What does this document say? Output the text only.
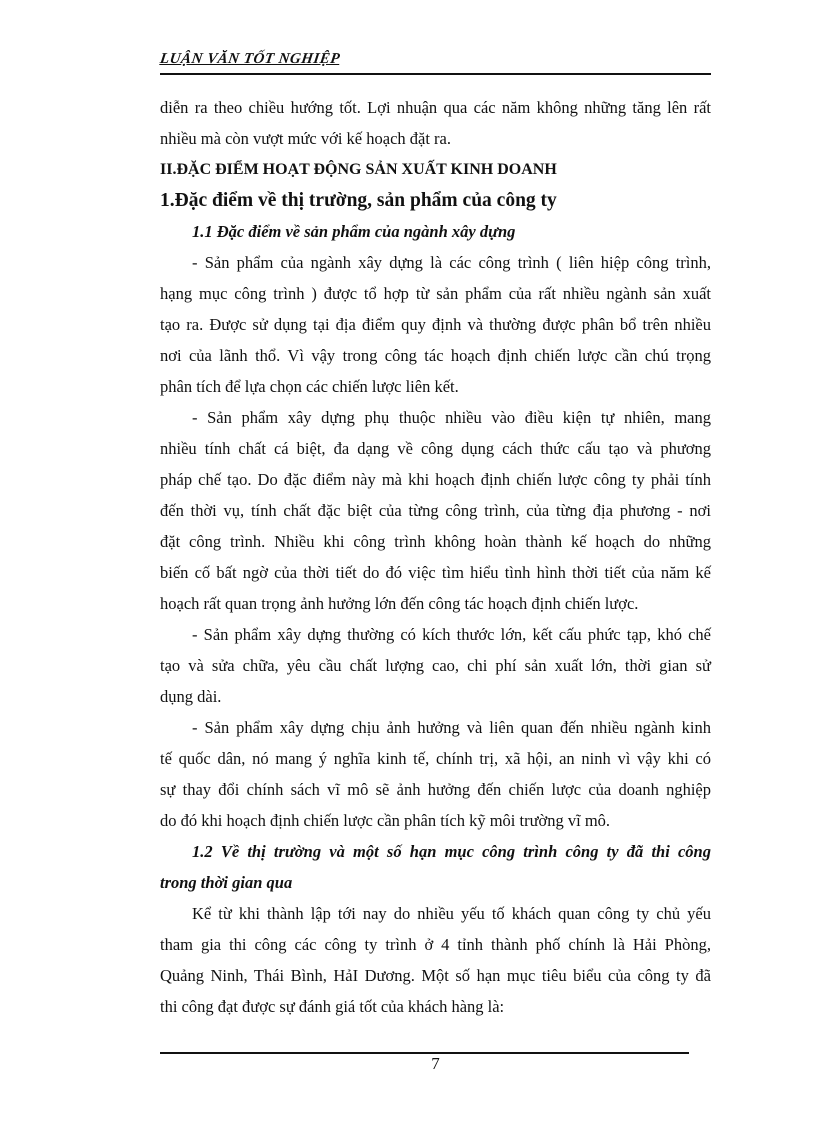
LUẬN VĂN TỐT NGHIỆP
diễn ra theo chiều hướng tốt. Lợi nhuận qua các năm không những tăng lên rất
nhiều mà còn vượt mức với kế hoạch đặt ra.
II.ĐẶC ĐIỂM HOẠT ĐỘNG SẢN XUẤT KINH DOANH
1.Đặc điểm về thị trường, sản phẩm của công ty
1.1 Đặc điểm về sản phẩm của ngành xây dựng
- Sản phẩm của ngành xây dựng là các công trình ( liên hiệp công trình,
hạng mục công trình ) được tổ hợp từ sản phẩm của rất nhiều ngành sản xuất
tạo ra. Được sử dụng tại địa điểm quy định và thường được phân bổ trên nhiều
nơi của lãnh thổ. Vì vậy trong công tác hoạch định chiến lược cần chú trọng
phân tích để lựa chọn các chiến lược liên kết.
- Sản phẩm xây dựng phụ thuộc nhiều vào điều kiện tự nhiên, mang
nhiều tính chất cá biệt, đa dạng về công dụng cách thức cấu tạo và phương
pháp chế tạo. Do đặc điểm này mà khi hoạch định chiến lược công ty phải tính
đến thời vụ, tính chất đặc biệt của từng công trình, của từng địa phương - nơi
đặt công trình. Nhiều khi công trình không hoàn thành kế hoạch do những
biến cố bất ngờ của thời tiết do đó việc tìm hiểu tình hình thời tiết của năm kế
hoạch rất quan trọng ảnh hưởng lớn đến công tác hoạch định chiến lược.
- Sản phẩm xây dựng thường có kích thước lớn, kết cấu phức tạp, khó chế
tạo và sửa chữa, yêu cầu chất lượng cao, chi phí sản xuất lớn, thời gian sử
dụng dài.
- Sản phẩm xây dựng chịu ảnh hưởng và liên quan đến nhiều ngành kinh
tế quốc dân, nó mang ý nghĩa kinh tế, chính trị, xã hội, an ninh vì vậy khi có
sự thay đổi chính sách vĩ mô sẽ ảnh hưởng đến chiến lược của doanh nghiệp
do đó khi hoạch định chiến lược cần phân tích kỹ môi trường vĩ mô.
1.2 Về thị trường và một số hạn mục công trình công ty đã thi công
trong thời gian qua
Kể từ khi thành lập tới nay do nhiều yếu tố khách quan công ty chủ yếu
tham gia thi công các công ty trình ở 4 tỉnh thành phố chính là Hải Phòng,
Quảng Ninh, Thái Bình, HảI Dương. Một số hạn mục tiêu biểu của công ty đã
thi công đạt được sự đánh giá tốt của khách hàng là:
7
